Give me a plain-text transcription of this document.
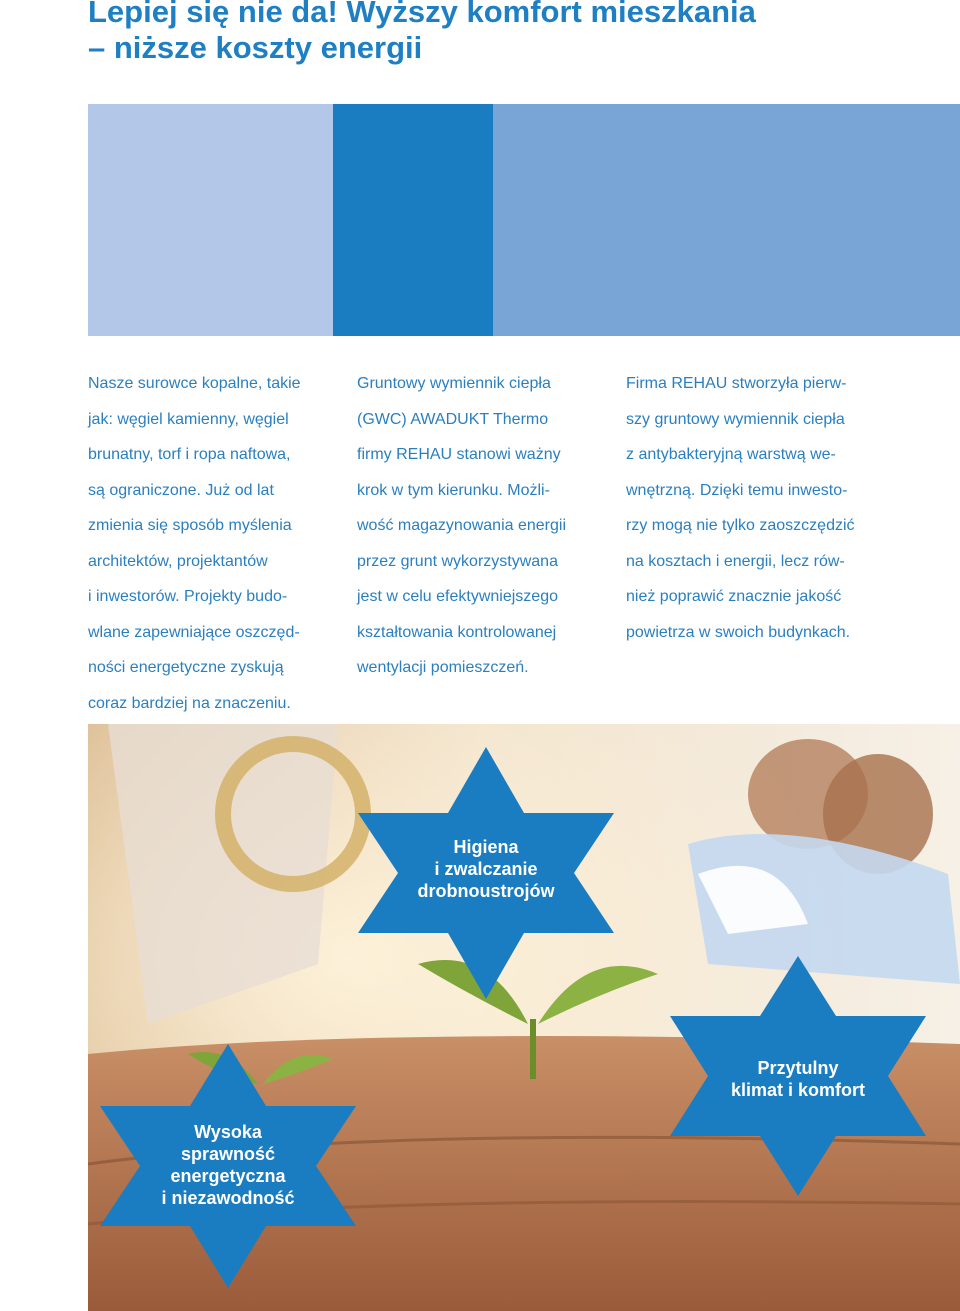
Lepiej się nie da! Wyższy komfort mieszkania
– niższe koszty energii

Nasze surowce kopalne, takie
jak: węgiel kamienny, węgiel
brunatny, torf i ropa naftowa,
są ograniczone. Już od lat
zmienia się sposób myślenia
architektów, projektantów
i inwestorów. Projekty budo-
wlane zapewniające oszczęd-
ności energetyczne zyskują
coraz bardziej na znaczeniu.

Gruntowy wymiennik ciepła
(GWC) AWADUKT Thermo
firmy REHAU stanowi ważny
krok w tym kierunku. Możli-
wość magazynowania energii
przez grunt wykorzystywana
jest w celu efektywniejszego
kształtowania kontrolowanej
wentylacji pomieszczeń.

Firma REHAU stworzyła pierw-
szy gruntowy wymiennik ciepła
z antybakteryjną warstwą we-
wnętrzną. Dzięki temu inwesto-
rzy mogą nie tylko zaoszczędzić
na kosztach i energii, lecz rów-
nież poprawić znacznie jakość
powietrza w swoich budynkach.

Higiena
i zwalczanie
drobnoustrojów
Przytulny
klimat i komfort
Wysoka
sprawność
energetyczna
i niezawodność
